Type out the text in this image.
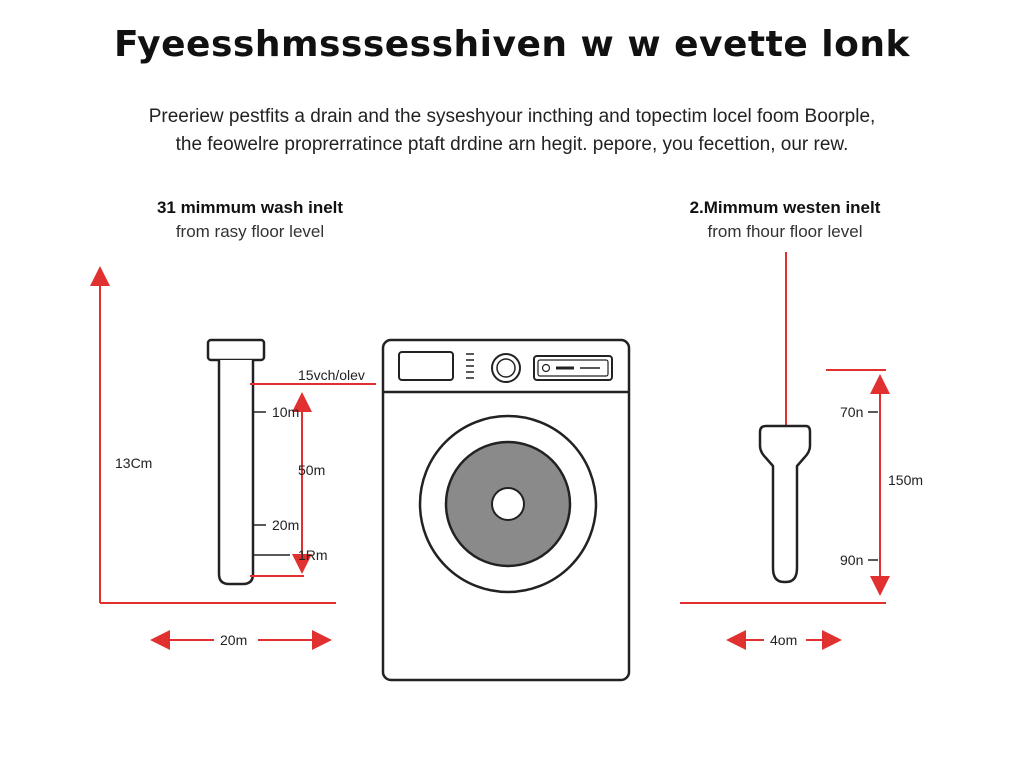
Fyeesshmsssesshiven w w evette lonk
Preeriew pestfits a drain and the syseshyour incthing and topectim locel foom Boorple,
the feowelre proprerratince ptaft drdine arn hegit. pepore, you fecettion, our rew.
31 mimmum wash inelt
from rasy floor level
2.Mimmum westen inelt
from fhour floor level
13Cm
15vch/olev
10m
50m
20m
1Rm
20m
70n
150m
90n
4om
